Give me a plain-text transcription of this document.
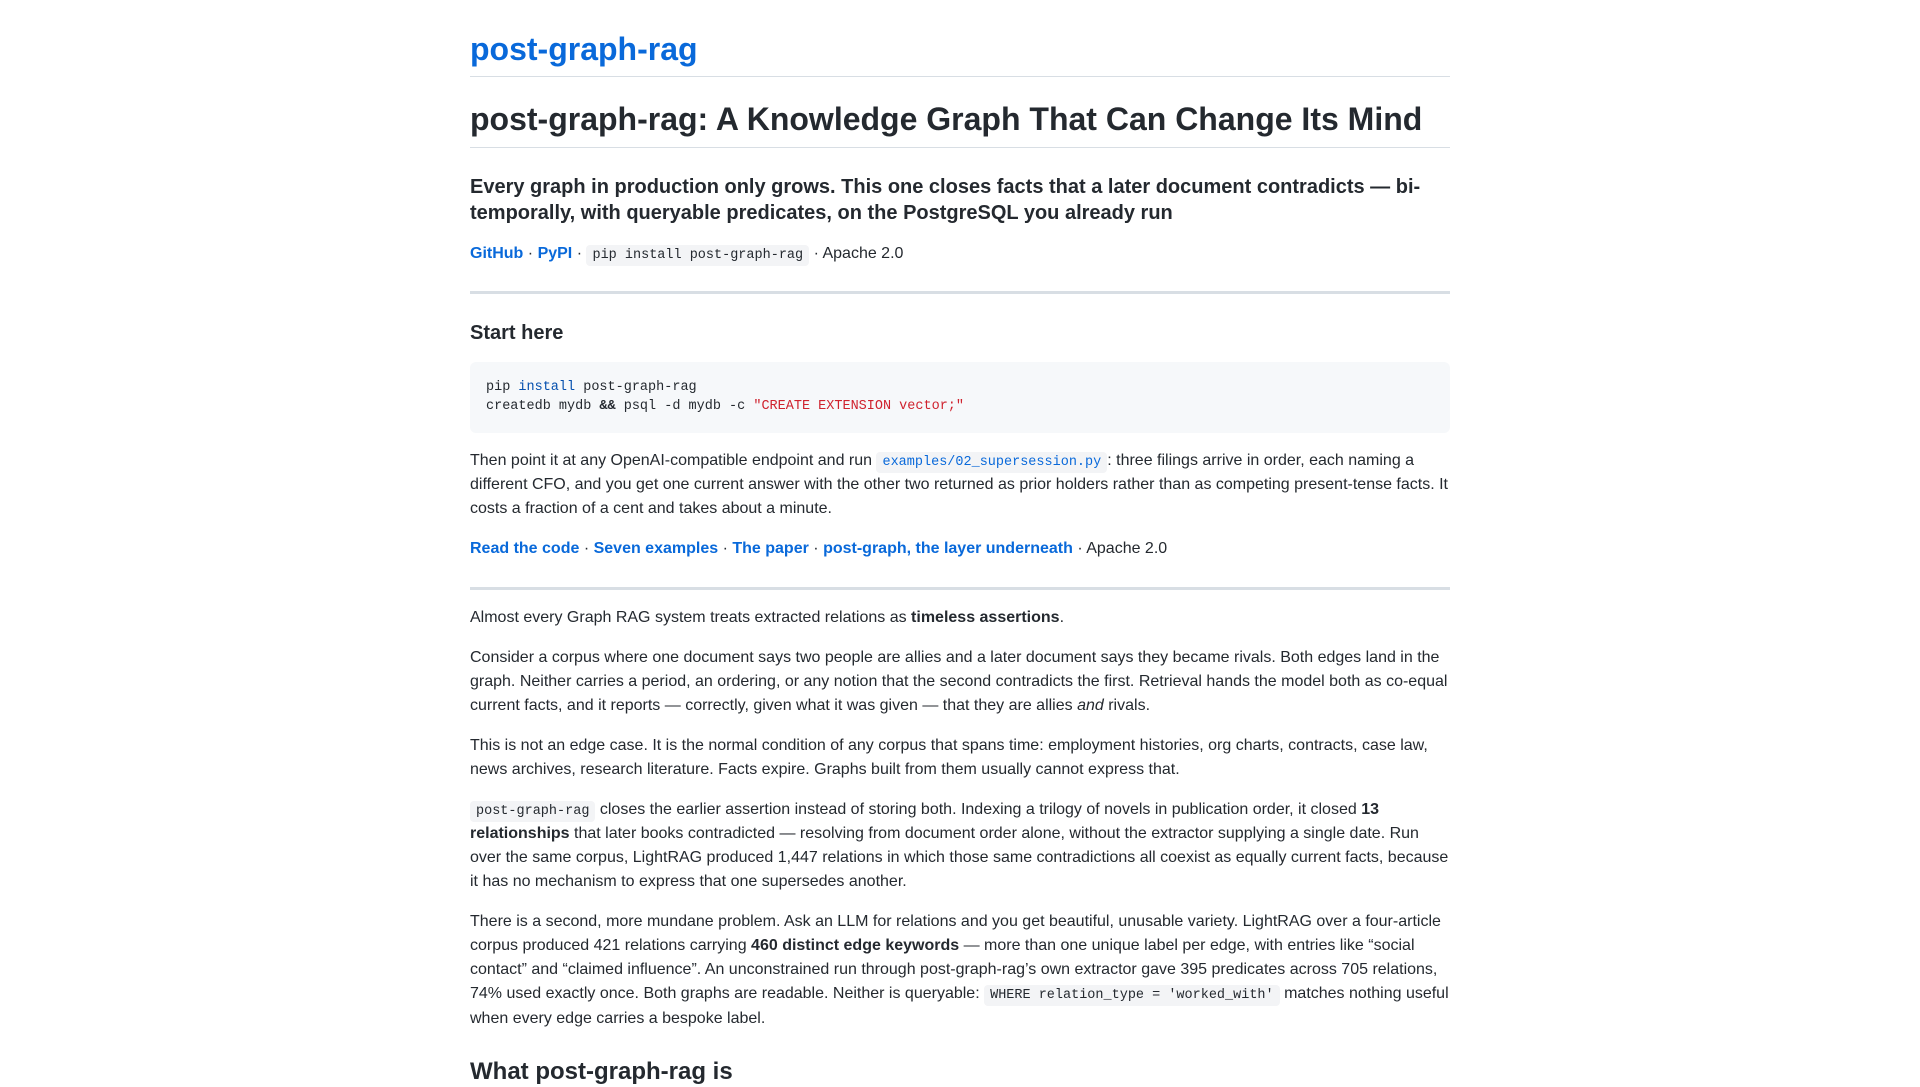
post-graph-rag
post-graph-rag: A Knowledge Graph That Can Change Its Mind
Every graph in production only grows. This one closes facts that a later document contradicts — bi-temporally, with queryable predicates, on the PostgreSQL you already run
GitHub · PyPI · pip install post-graph-rag · Apache 2.0
Start here
pip install post-graph-rag
createdb mydb && psql -d mydb -c "CREATE EXTENSION vector;"

Then point it at any OpenAI-compatible endpoint and run examples/02_supersession.py : three filings arrive in order, each naming a different CFO, and you get one current answer with the other two returned as prior holders rather than as competing present-tense facts. It costs a fraction of a cent and takes about a minute.

Read the code · Seven examples · The paper · post-graph, the layer underneath · Apache 2.0

Almost every Graph RAG system treats extracted relations as timeless assertions.

Consider a corpus where one document says two people are allies and a later document says they became rivals. Both edges land in the graph. Neither carries a period, an ordering, or any notion that the second contradicts the first. Retrieval hands the model both as co-equal current facts, and it reports — correctly, given what it was given — that they are allies and rivals.

This is not an edge case. It is the normal condition of any corpus that spans time: employment histories, org charts, contracts, case law, news archives, research literature. Facts expire. Graphs built from them usually cannot express that.

post-graph-rag closes the earlier assertion instead of storing both. Indexing a trilogy of novels in publication order, it closed 13 relationships that later books contradicted — resolving from document order alone, without the extractor supplying a single date. Run over the same corpus, LightRAG produced 1,447 relations in which those same contradictions all coexist as equally current facts, because it has no mechanism to express that one supersedes another.

There is a second, more mundane problem. Ask an LLM for relations and you get beautiful, unusable variety. LightRAG over a four-article corpus produced 421 relations carrying 460 distinct edge keywords — more than one unique label per edge, with entries like “social contact” and “claimed influence”. An unconstrained run through post-graph-rag’s own extractor gave 395 predicates across 705 relations, 74% used exactly once. Both graphs are readable. Neither is queryable: WHERE relation_type = 'worked_with' matches nothing useful when every edge carries a bespoke label.

What post-graph-rag is
